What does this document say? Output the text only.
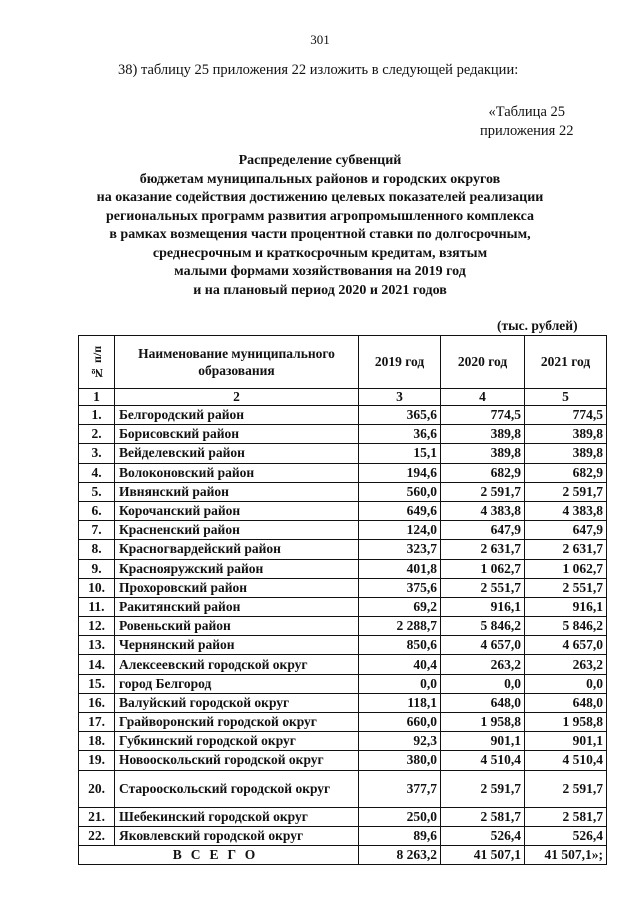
301
38) таблицу 25 приложения 22 изложить в следующей редакции:
«Таблица 25
приложения 22
Распределение субвенций
бюджетам муниципальных районов и городских округов
на оказание содействия достижению целевых показателей реализации
региональных программ развития агропромышленного комплекса
в рамках возмещения части процентной ставки по долгосрочным,
среднесрочным и краткосрочным кредитам, взятым
малыми формами хозяйствования на 2019 год
и на плановый период 2020 и 2021 годов
(тыс. рублей)
№ п/п	Наименование муниципального образования	2019 год	2020 год	2021 год
1	2	3	4	5
1.	Белгородский район	365,6	774,5	774,5
2.	Борисовский район	36,6	389,8	389,8
3.	Вейделевский район	15,1	389,8	389,8
4.	Волоконовский район	194,6	682,9	682,9
5.	Ивнянский район	560,0	2 591,7	2 591,7
6.	Корочанский район	649,6	4 383,8	4 383,8
7.	Красненский район	124,0	647,9	647,9
8.	Красногвардейский район	323,7	2 631,7	2 631,7
9.	Краснояружский район	401,8	1 062,7	1 062,7
10.	Прохоровский район	375,6	2 551,7	2 551,7
11.	Ракитянский район	69,2	916,1	916,1
12.	Ровеньский район	2 288,7	5 846,2	5 846,2
13.	Чернянский район	850,6	4 657,0	4 657,0
14.	Алексеевский городской округ	40,4	263,2	263,2
15.	город Белгород	0,0	0,0	0,0
16.	Валуйский городской округ	118,1	648,0	648,0
17.	Грайворонский городской округ	660,0	1 958,8	1 958,8
18.	Губкинский городской округ	92,3	901,1	901,1
19.	Новооскольский городской округ	380,0	4 510,4	4 510,4
20.	Старооскольский городской округ	377,7	2 591,7	2 591,7
21.	Шебекинский городской округ	250,0	2 581,7	2 581,7
22.	Яковлевский городской округ	89,6	526,4	526,4
ВСЕГО		8 263,2	41 507,1	41 507,1»;
